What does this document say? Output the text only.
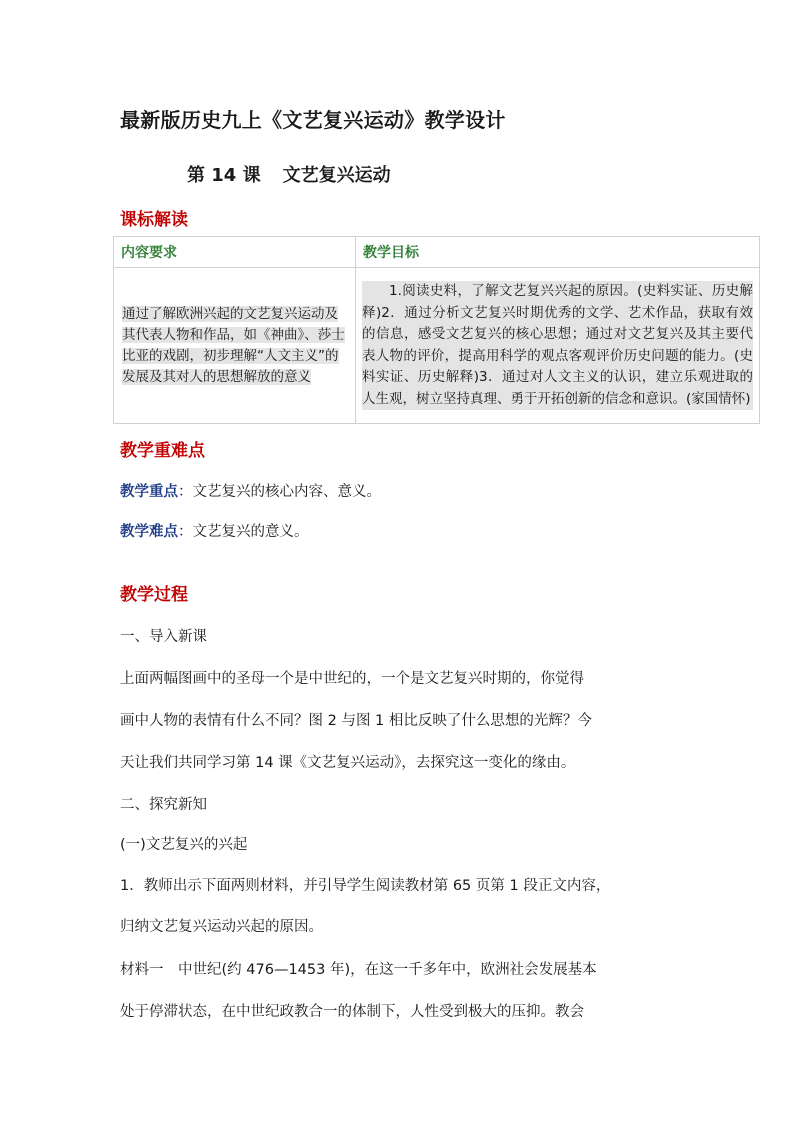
最新版历史九上《文艺复兴运动》教学设计
第 14 课 文艺复兴运动
课标解读
内容要求	教学目标

通过了解欧洲兴起的文艺复兴运动及其代表人物和作品，如《神曲》、莎士比亚的戏剧，初步理解“人文主义”的发展及其对人的思想解放的意义	1.阅读史料，了解文艺复兴兴起的原因。(史料实证、历史解释)2．通过分析文艺复兴时期优秀的文学、艺术作品，获取有效的信息，感受文艺复兴的核心思想；通过对文艺复兴及其主要代表人物的评价，提高用科学的观点客观评价历史问题的能力。(史料实证、历史解释)3．通过对人文主义的认识，建立乐观进取的人生观，树立坚持真理、勇于开拓创新的信念和意识。(家国情怀)
教学重难点
教学重点：文艺复兴的核心内容、意义。
教学难点：文艺复兴的意义。
教学过程
一、导入新课
上面两幅图画中的圣母一个是中世纪的，一个是文艺复兴时期的，你觉得
画中人物的表情有什么不同？图 2 与图 1 相比反映了什么思想的光辉？今
天让我们共同学习第 14 课《文艺复兴运动》，去探究这一变化的缘由。
二、探究新知
(一)文艺复兴的兴起
1．教师出示下面两则材料，并引导学生阅读教材第 65 页第 1 段正文内容，
归纳文艺复兴运动兴起的原因。
材料一　中世纪(约 476—1453 年)，在这一千多年中，欧洲社会发展基本
处于停滞状态，在中世纪政教合一的体制下，人性受到极大的压抑。教会
